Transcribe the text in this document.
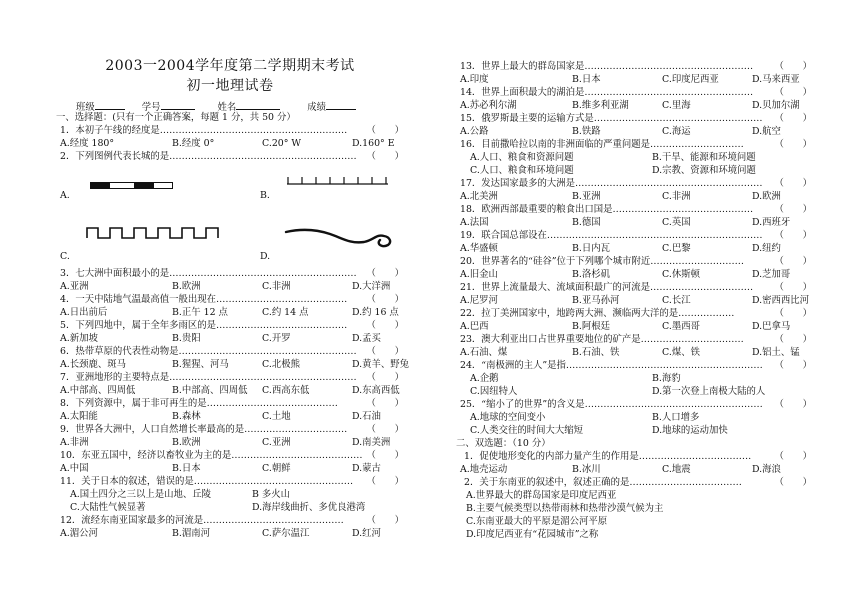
2003一2004学年度第二学期期末考试
初一地理试卷
班级	学号	姓名	成绩
一、选择题：(只有一个正确答案，每题 1 分，共 50 分）
1．本初子午线的经度是…………………………………………………… （　　）
A.经度 180°	B.经度 0°	C.20° W	D.160° E
2．下列图例代表长城的是…………………………………………………… （　　）
A.	B.
C.	D.
3．七大洲中面积最小的是…………………………………………………… （　　）
A.亚洲	B.欧洲	C.非洲	D.大洋洲
4．一天中陆地气温最高值一般出现在…………………………………… （　　）
A.日出前后	B.正午 12 点	C.约 14 点	D.约 16 点
5．下列四地中，属于全年多雨区的是…………………………………… （　　）
A.新加坡	B.贵阳	C.开罗	D.孟买
6．热带草原的代表性动物是………………………………………………… （　　）
A.长颈鹿、斑马	B.猩猩、河马	C.北极熊	D.黄羊、野兔
7．亚洲地形的主要特点是…………………………………………………… （　　）
A.中部高、四周低	B.中部高、四周低 C.西高东低	D.东高西低
8．下列资源中，属于非可再生的是……………………………………	（　　）
A.太阳能	B.森林	C.土地	D.石油
9．世界各大洲中，人口自然增长率最高的是…………………………… （　　）
A.非洲	B.欧洲	C.亚洲	D.南美洲
10．东亚五国中，经济以畜牧业为主的是…………………………………… （　　）
A.中国	B.日本	C.朝鲜	D.蒙古
11．关于日本的叙述，错误的是…………………………………………… （　　）
A.国土四分之三以上是山地、丘陵	B 多火山
C.大陆性气候显著	D.海岸线曲折、多优良港湾
12．流经东南亚国家最多的河流是……………………………………… （　　）
A.湄公河	B.湄南河	C.萨尔温江	D.红河
13．世界上最大的群岛国家是……………………………………………… （　　）
A.印度	B.日本	C.印度尼西亚	D.马来西亚
14．世界上面积最大的湖泊是……………………………………………… （　　）
A.苏必利尔湖	B.维多利亚湖	C.里海	D.贝加尔湖
15．俄罗斯最主要的运输方式是……………………………………………… （　　）
A.公路	B.铁路	C.海运	D.航空
16．目前撒哈拉以南的非洲面临的严重问题是…………………………	（　　）
A.人口、粮食和资源问题	B.干旱、能源和环境问题
C.人口、粮食和环境问题	D.宗教、资源和环境问题
17．发达国家最多的大洲是…………………………………………………… （　　）
A.北美洲	B.亚洲	C.非洲	D.欧洲
18．欧洲西部最重要的粮食出口国是……………………………………… （　　）
A.法国	B.德国	C.英国	D.西班牙
19．联合国总部设在…………………………………………………………… （　　）
A.华盛顿	B.日内瓦	C.巴黎	D.纽约
20．世界著名的“硅谷”位于下列哪个城市附近…………………………	（　　）
A.旧金山	B.洛杉矶	C.休斯顿	D.芝加哥
21．世界上流量最大、流域面积最广的河流是…………………………… （　　）
A.尼罗河	B.亚马孙河	C.长江	D.密西西比河
22．拉丁美洲国家中，地跨两大洲、濒临两大洋的是………………	（　　）
A.巴西	B.阿根廷	C.墨西哥	D.巴拿马
23．澳大利亚出口占世界重要地位的矿产是……………………………	（　　）
A.石油、煤	B.石油、铁	C.煤、铁	D.铝土、锰
24．“南极洲的主人”是指……………………………………………………… （　　）
A.企鹅	B.海豹
C.因纽特人	D.第一次登上南极大陆的人
25．“缩小了的世界”的含义是………………………………………………… （　　）
A.地球的空间变小	B.人口增多
C.人类交往的时间大大缩短	D.地球的运动加快
二、双选题：（10 分）
1．促使地形变化的内部力量产生的作用是……………………………… （　　）
A.地壳运动	B.冰川	C.地震	D.海浪
2．关于东南亚的叙述中，叙述正确的是………………………………	（　　）
A.世界最大的群岛国家是印度尼西亚
B.主要气候类型以热带雨林和热带沙漠气候为主
C.东南亚最大的平原是湄公河平原
D.印度尼西亚有“花园城市”之称
